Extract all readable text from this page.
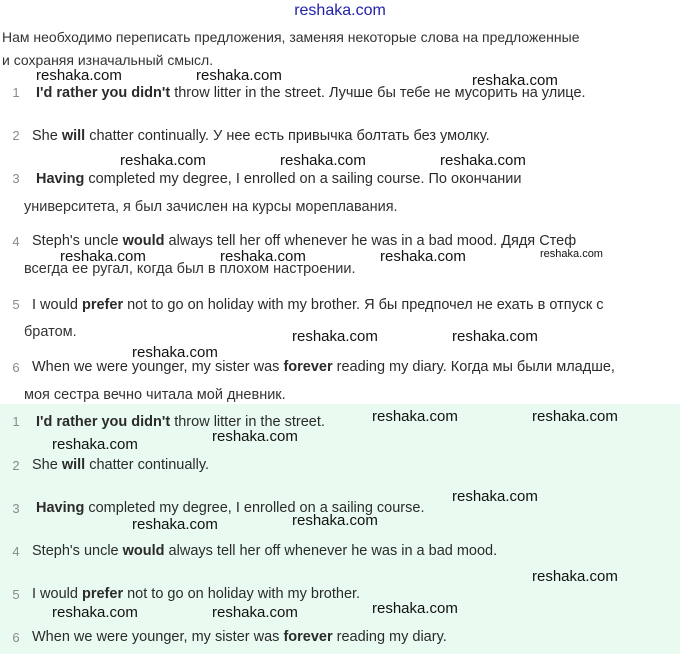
reshaka.com
Нам необходимо переписать предложения, заменяя некоторые слова на предложенные
и сохраняя изначальный смысл.
1 I'd rather you didn't throw litter in the street. Лучше бы тебе не мусорить на улице.
2 She will chatter continually. У нее есть привычка болтать без умолку.
3 Having completed my degree, I enrolled on a sailing course. По окончании
университета, я был зачислен на курсы мореплавания.
4 Steph's uncle would always tell her off whenever he was in a bad mood. Дядя Стеф
всегда ее ругал, когда был в плохом настроении.
5 I would prefer not to go on holiday with my brother. Я бы предпочел не ехать в отпуск с
братом.
6 When we were younger, my sister was forever reading my diary. Когда мы были младше,
моя сестра вечно читала мой дневник.
1 I'd rather you didn't throw litter in the street.
2 She will chatter continually.
3 Having completed my degree, I enrolled on a sailing course.
4 Steph's uncle would always tell her off whenever he was in a bad mood.
5 I would prefer not to go on holiday with my brother.
6 When we were younger, my sister was forever reading my diary.
reshaka.com	reshaka.com	reshaka.com
reshaka.com	reshaka.com	reshaka.com
reshaka.com	reshaka.com	reshaka.com	reshaka.com
reshaka.com	reshaka.com
reshaka.com
reshaka.com	reshaka.com
reshaka.com
reshaka.com
reshaka.com
reshaka.com
reshaka.com
reshaka.com
reshaka.com
reshaka.com	reshaka.com
